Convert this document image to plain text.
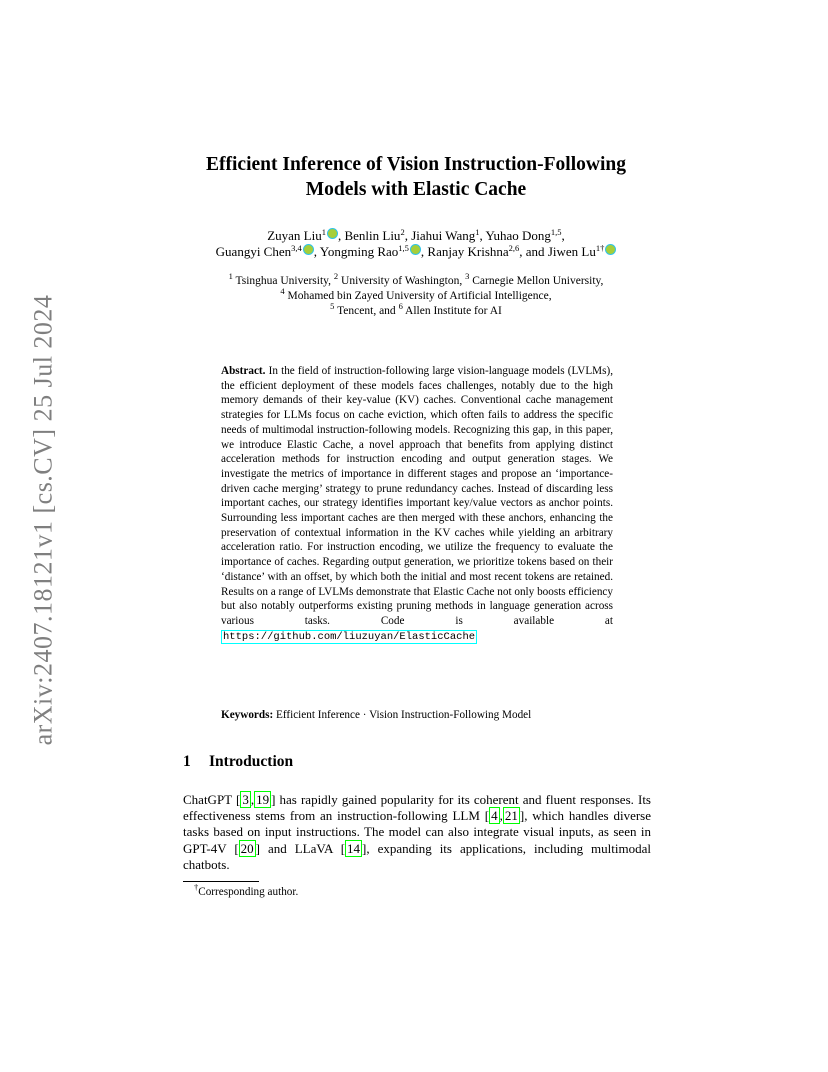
arXiv:2407.18121v1 [cs.CV] 25 Jul 2024
Efficient Inference of Vision Instruction-Following
Models with Elastic Cache
Zuyan Liu$^1$ , Benlin Liu$^2$, Jiahui Wang$^1$, Yuhao Dong$^{1,5}$,
Guangyi Chen$^{3,4}$ , Yongming Rao$^{1,5}$ , Ranjay Krishna$^{2,6}$, and Jiwen $Lu^{1\dagger}$
$^1$ Tsinghua University, $^2$ University of Washington, $^3$ Carnegie Mellon University,
$^4$ Mohamed bin Zayed University of Artificial Intelligence,
$^5$ Tencent, and $^6$ Allen Institute for AI
Abstract. In the field of instruction-following large vision-language models (LVLMs), the efficient deployment of these models faces challenges, notably due to the high memory demands of their key-value (KV) caches. Conventional cache management strategies for LLMs focus on cache eviction, which often fails to address the specific needs of multimodal instruction-following models. Recognizing this gap, in this paper, we introduce Elastic Cache, a novel approach that benefits from applying distinct acceleration methods for instruction encoding and output generation stages. We investigate the metrics of importance in different stages and propose an ‘importance-driven cache merging’ strategy to prune redundancy caches. Instead of discarding less important caches, our strategy identifies important key/value vectors as anchor points. Surrounding less important caches are then merged with these anchors, enhancing the preservation of contextual information in the KV caches while yielding an arbitrary acceleration ratio. For instruction encoding, we utilize the frequency to evaluate the importance of caches. Regarding output generation, we prioritize tokens based on their ‘distance’ with an offset, by which both the initial and most recent tokens are retained. Results on a range of LVLMs demonstrate that Elastic Cache not only boosts efficiency but also notably outperforms existing pruning methods in language generation across various tasks. Code is available at https://github.com/liuzuyan/ElasticCache
Keywords: Efficient Inference · Vision Instruction-Following Model
1 Introduction
ChatGPT [ 3 , 19 ] has rapidly gained popularity for its coherent and fluent responses. Its effectiveness stems from an instruction-following LLM [ 4 , 21 ], which handles diverse tasks based on input instructions. The model can also integrate visual inputs, as seen in GPT-4V [ 20 ] and LLaVA [ 14 ], expanding its applications, including multimodal chatbots.
†Corresponding author.
